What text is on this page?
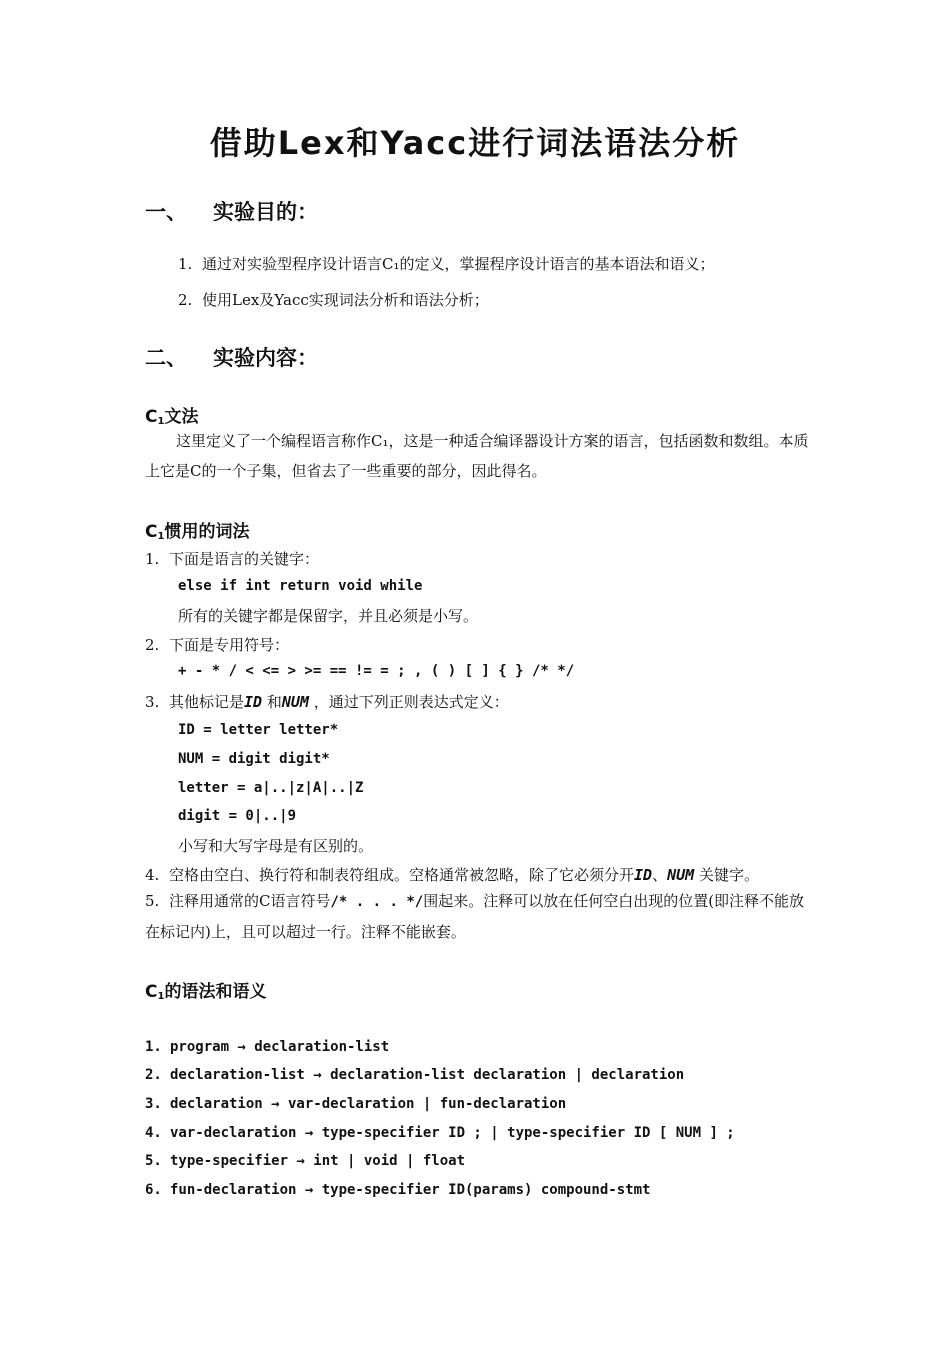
借助Lex和Yacc进行词法语法分析
一、 实验目的：
1. 通过对实验型程序设计语言C₁的定义，掌握程序设计语言的基本语法和语义；
2. 使用Lex及Yacc实现词法分析和语法分析；
二、 实验内容：
$C_1$文法
这里定义了一个编程语言称作C₁，这是一种适合编译器设计方案的语言，包括函数和数组。本质上它是C的一个子集，但省去了一些重要的部分，因此得名。
$C_1$惯用的词法
1. 下面是语言的关键字：
else if int return void while
所有的关键字都是保留字，并且必须是小写。
2. 下面是专用符号：
+ - * / < <= > >= == != = ; , ( ) [ ] { } /* */
3. 其他标记是ID 和NUM ，通过下列正则表达式定义：
ID = letter letter*
NUM = digit digit*
letter = a|..|z|A|..|Z
digit = 0|..|9
小写和大写字母是有区别的。
4. 空格由空白、换行符和制表符组成。空格通常被忽略，除了它必须分开ID、NUM 关键字。
5. 注释用通常的C语言符号/* . . . */围起来。注释可以放在任何空白出现的位置(即注释不能放在标记内)上，且可以超过一行。注释不能嵌套。
$C_1$的语法和语义
1. program → declaration-list
2. declaration-list → declaration-list declaration | declaration
3. declaration → var-declaration | fun-declaration
4. var-declaration → type-specifier ID ; | type-specifier ID [ NUM ] ;
5. type-specifier → int | void | float
6. fun-declaration → type-specifier ID(params) compound-stmt
